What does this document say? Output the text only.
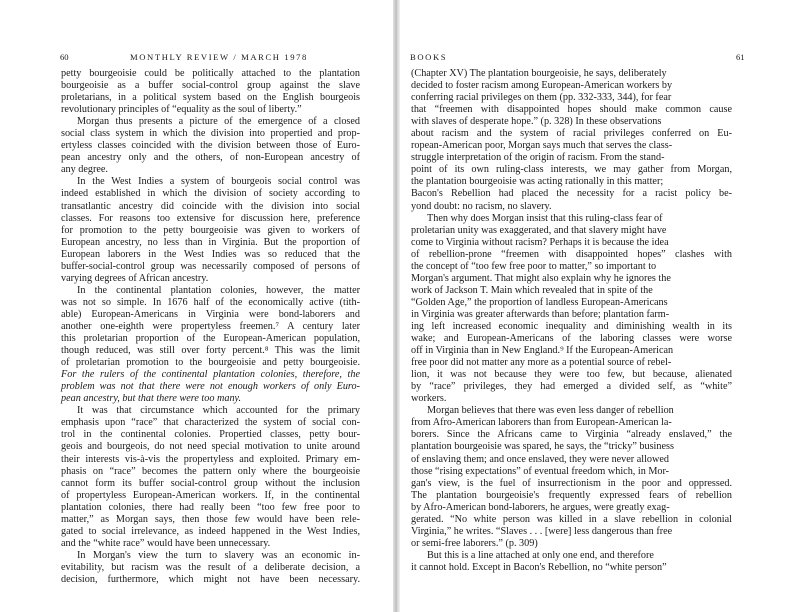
60	MONTHLY REVIEW / MARCH 1978
petty bourgeoisie could be politically attached to the plantation
bourgeoisie as a buffer social-control group against the slave
proletarians, in a political system based on the English bourgeois
revolutionary principles of “equality as the soul of liberty.”
Morgan thus presents a picture of the emergence of a closed
social class system in which the division into propertied and prop-
ertyless classes coincided with the division between those of Euro-
pean ancestry only and the others, of non-European ancestry of
any degree.
In the West Indies a system of bourgeois social control was
indeed established in which the division of society according to
transatlantic ancestry did coincide with the division into social
classes. For reasons too extensive for discussion here, preference
for promotion to the petty bourgeoisie was given to workers of
European ancestry, no less than in Virginia. But the proportion of
European laborers in the West Indies was so reduced that the
buffer-social-control group was necessarily composed of persons of
varying degrees of African ancestry.
In the continental plantation colonies, however, the matter
was not so simple. In 1676 half of the economically active (tith-
able) European-Americans in Virginia were bond-laborers and
another one-eighth were propertyless freemen.⁷ A century later
this proletarian proportion of the European-American population,
though reduced, was still over forty percent.⁸ This was the limit
of proletarian promotion to the bourgeoisie and petty bourgeoisie.
For the rulers of the continental plantation colonies, therefore, the
problem was not that there were not enough workers of only Euro-
pean ancestry, but that there were too many.
It was that circumstance which accounted for the primary
emphasis upon “race” that characterized the system of social con-
trol in the continental colonies. Propertied classes, petty bour-
geois and bourgeois, do not need special motivation to unite around
their interests vis-à-vis the propertyless and exploited. Primary em-
phasis on “race” becomes the pattern only where the bourgeoisie
cannot form its buffer social-control group without the inclusion
of propertyless European-American workers. If, in the continental
plantation colonies, there had really been “too few free poor to
matter,” as Morgan says, then those few would have been rele-
gated to social irrelevance, as indeed happened in the West Indies,
and the “white race” would have been unnecessary.
In Morgan's view the turn to slavery was an economic in-
evitability, but racism was the result of a deliberate decision, a
decision, furthermore, which might not have been necessary.
BOOKS	61
(Chapter XV) The plantation bourgeoisie, he says, deliberately
decided to foster racism among European-American workers by
conferring racial privileges on them (pp. 332-333, 344), for fear
that “freemen with disappointed hopes should make common cause
with slaves of desperate hope.” (p. 328) In these observations
about racism and the system of racial privileges conferred on Eu-
ropean-American poor, Morgan says much that serves the class-
struggle interpretation of the origin of racism. From the stand-
point of its own ruling-class interests, we may gather from Morgan,
the plantation bourgeoisie was acting rationally in this matter;
Bacon's Rebellion had placed the necessity for a racist policy be-
yond doubt: no racism, no slavery.
Then why does Morgan insist that this ruling-class fear of
proletarian unity was exaggerated, and that slavery might have
come to Virginia without racism? Perhaps it is because the idea
of rebellion-prone “freemen with disappointed hopes” clashes with
the concept of “too few free poor to matter,” so important to
Morgan's argument. That might also explain why he ignores the
work of Jackson T. Main which revealed that in spite of the
“Golden Age,” the proportion of landless European-Americans
in Virginia was greater afterwards than before; plantation farm-
ing left increased economic inequality and diminishing wealth in its
wake; and European-Americans of the laboring classes were worse
off in Virginia than in New England.⁹ If the European-American
free poor did not matter any more as a potential source of rebel-
lion, it was not because they were too few, but because, alienated
by “race” privileges, they had emerged a divided self, as “white”
workers.
Morgan believes that there was even less danger of rebellion
from Afro-American laborers than from European-American la-
borers. Since the Africans came to Virginia “already enslaved,” the
plantation bourgeoisie was spared, he says, the “tricky” business
of enslaving them; and once enslaved, they were never allowed
those “rising expectations” of eventual freedom which, in Mor-
gan's view, is the fuel of insurrectionism in the poor and oppressed.
The plantation bourgeoisie's frequently expressed fears of rebellion
by Afro-American bond-laborers, he argues, were greatly exag-
gerated. “No white person was killed in a slave rebellion in colonial
Virginia,” he writes. “Slaves . . . [were] less dangerous than free
or semi-free laborers.” (p. 309)
But this is a line attached at only one end, and therefore
it cannot hold. Except in Bacon's Rebellion, no “white person”
